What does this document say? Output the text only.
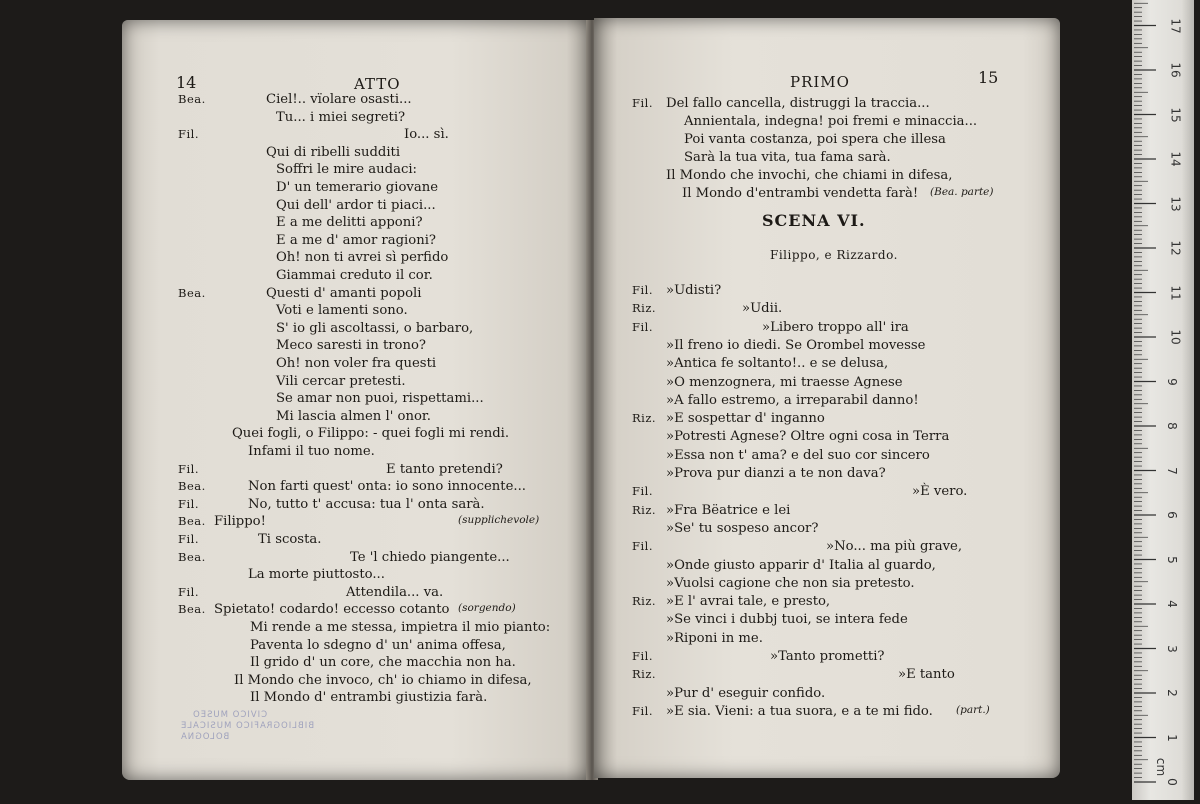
14	ATTO
Bea.	Ciel!.. vïolare osasti...
Tu... i miei segreti?
Fil.	Io... sì.
Qui di ribelli sudditi
Soffri le mire audaci:
D' un temerario giovane
Qui dell' ardor ti piaci...
E a me delitti apponi?
E a me d' amor ragioni?
Oh! non ti avrei sì perfido
Giammai creduto il cor.
Bea.	Questi d' amanti popoli
Voti e lamenti sono.
S' io gli ascoltassi, o barbaro,
Meco saresti in trono?
Oh! non voler fra questi
Vili cercar pretesti.
Se amar non puoi, rispettami...
Mi lascia almen l' onor.
Quei fogli, o Filippo: - quei fogli mi rendi.
Infami il tuo nome.
Fil.	E tanto pretendi?
Bea.	Non farti quest' onta: io sono innocente...
Fil.	No, tutto t' accusa: tua l' onta sarà.
Bea. Filippo!	(supplichevole)
Fil.	Ti scosta.
Bea.	Te 'l chiedo piangente...
La morte piuttosto...
Fil.	Attendila... va.
Bea. Spietato! codardo! eccesso cotanto (sorgendo)
Mi rende a me stessa, impietra il mio pianto:
Paventa lo sdegno d' un' anima offesa,
Il grido d' un core, che macchia non ha.
Il Mondo che invoco, ch' io chiamo in difesa,
Il Mondo d' entrambi giustizia farà.
CIVICO MUSEO
BIBLIOGRAFICO MUSICALE
BOLOGNA
PRIMO	15
Fil. Del fallo cancella, distruggi la traccia...
Annientala, indegna! poi fremi e minaccia...
Poi vanta costanza, poi spera che illesa
Sarà la tua vita, tua fama sarà.
Il Mondo che invochi, che chiami in difesa,
Il Mondo d'entrambi vendetta farà! (Bea. parte)
SCENA VI.
Filippo, e Rizzardo.
Fil. »Udisti?
Riz.	»Udii.
Fil.	»Libero troppo all' ira
»Il freno io diedi. Se Orombel movesse
»Antica fe soltanto!.. e se delusa,
»O menzognera, mi traesse Agnese
»A fallo estremo, a irreparabil danno!
Riz. »E sospettar d' inganno
»Potresti Agnese? Oltre ogni cosa in Terra
»Essa non t' ama? e del suo cor sincero
»Prova pur dianzi a te non dava?
Fil.	»È vero.
Riz. »Fra Bëatrice e lei
»Se' tu sospeso ancor?
Fil.	»No... ma più grave,
»Onde giusto apparir d' Italia al guardo,
»Vuolsi cagione che non sia pretesto.
Riz. »E l' avrai tale, e presto,
»Se vinci i dubbj tuoi, se intera fede
»Riponi in me.
Fil.	»Tanto prometti?
Riz.	»E tanto
»Pur d' eseguir confido.
Fil. »E sia. Vieni: a tua suora, e a te mi fido. (part.)
17
16
15
14
13
12
11
10
9
8
7
6
5
4
3
2
1
0
cm
